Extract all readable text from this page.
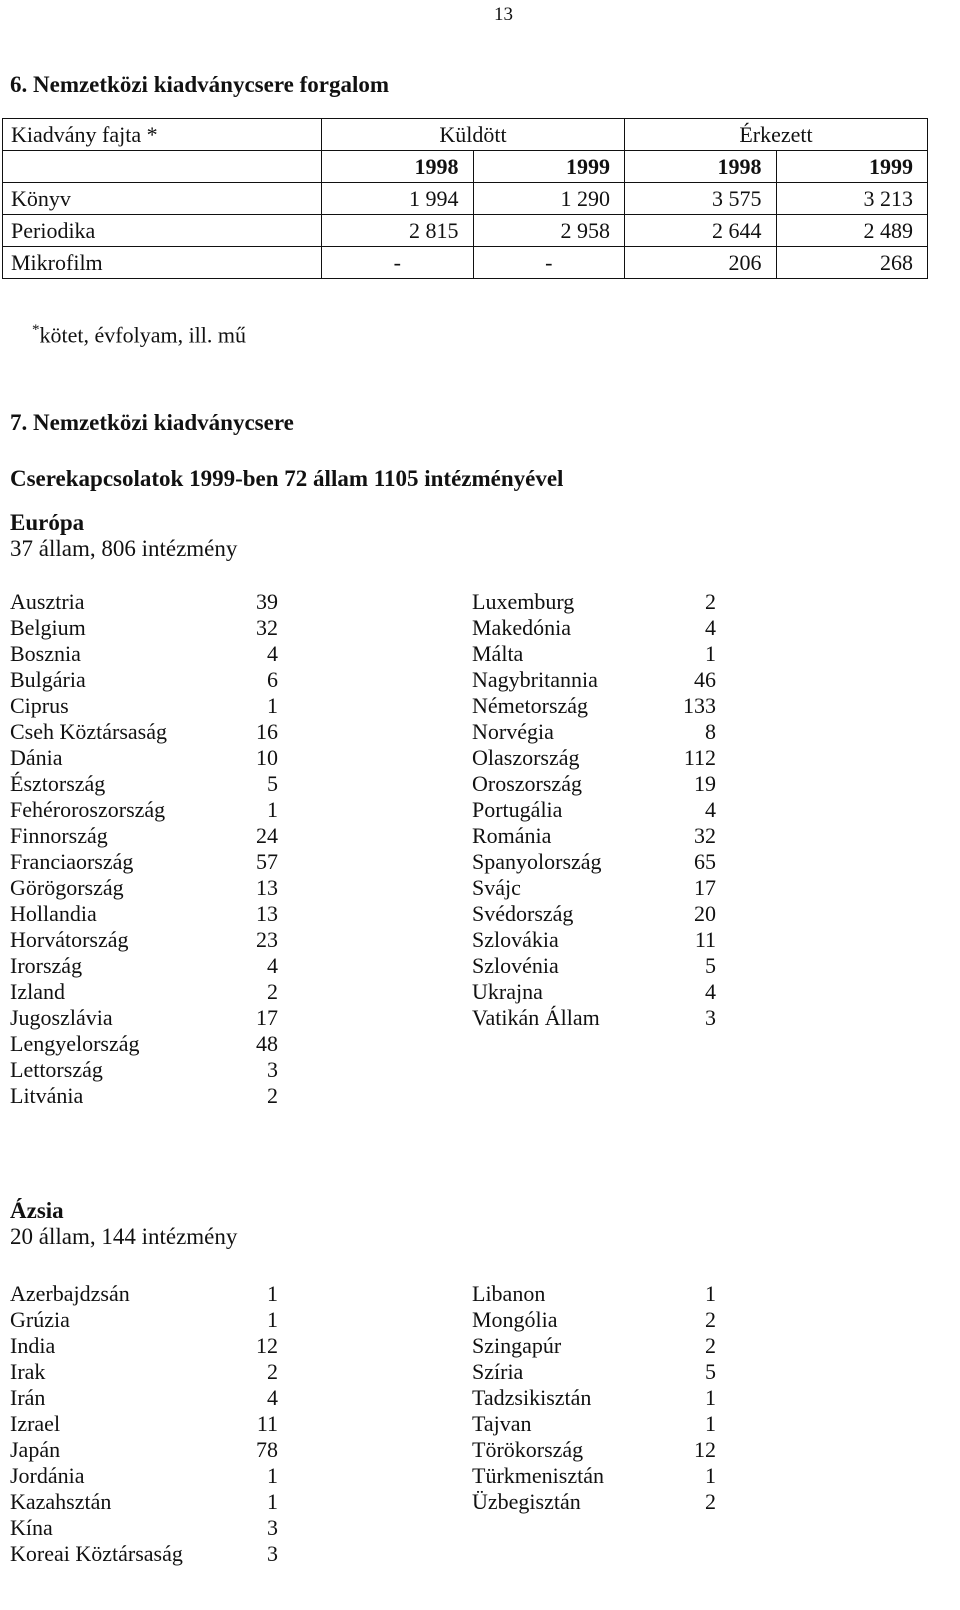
13
6. Nemzetközi kiadványcsere forgalom
Kiadvány fajta *	Küldött		Érkezett	
	1998	1999	1998	1999
Könyv	1 994	1 290	3 575	3 213
Periodika	2 815	2 958	2 644	2 489
Mikrofilm	-	-	206	268
*kötet, évfolyam, ill. mű
7. Nemzetközi kiadványcsere
Cserekapcsolatok 1999-ben 72 állam 1105 intézményével
Európa
37 állam, 806 intézmény
Ausztria	39
Belgium	32
Bosznia	4
Bulgária	6
Ciprus	1
Cseh Köztársaság	16
Dánia	10
Észtország	5
Fehéroroszország	1
Finnország	24
Franciaország	57
Görögország	13
Hollandia	13
Horvátország	23
Irország	4
Izland	2
Jugoszlávia	17
Lengyelország	48
Lettország	3
Litvánia	2
Luxemburg	2
Makedónia	4
Málta	1
Nagybritannia	46
Németország	133
Norvégia	8
Olaszország	112
Oroszország	19
Portugália	4
Románia	32
Spanyolország	65
Svájc	17
Svédország	20
Szlovákia	11
Szlovénia	5
Ukrajna	4
Vatikán Állam	3
Ázsia
20 állam, 144 intézmény
Azerbajdzsán	1
Grúzia	1
India	12
Irak	2
Irán	4
Izrael	11
Japán	78
Jordánia	1
Kazahsztán	1
Kína	3
Koreai Köztársaság	3
Libanon	1
Mongólia	2
Szingapúr	2
Szíria	5
Tadzsikisztán	1
Tajvan	1
Törökország	12
Türkmenisztán	1
Üzbegisztán	2
